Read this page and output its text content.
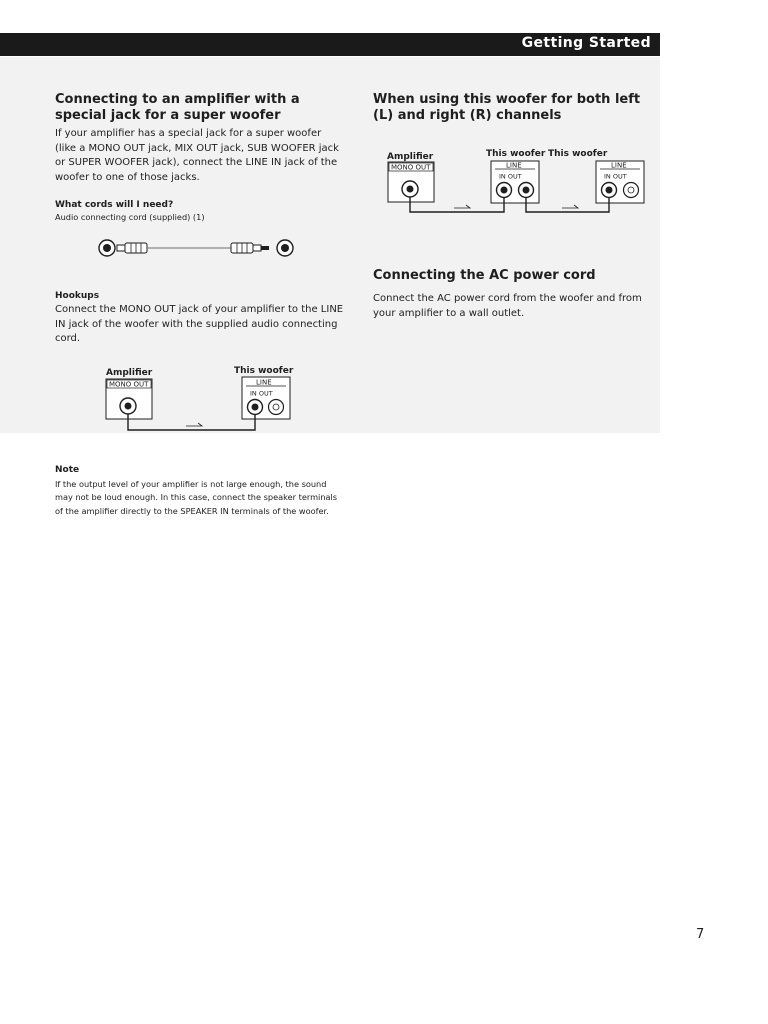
Getting Started
Connecting to an amplifier with a special jack for a super woofer

If your amplifier has a special jack for a super woofer (like a MONO OUT jack, MIX OUT jack, SUB WOOFER jack or SUPER WOOFER jack), connect the LINE IN jack of the woofer to one of those jacks.

What cords will I need?

Audio connecting cord (supplied) (1)

Hookups

Connect the MONO OUT jack of your amplifier to the LINE IN jack of the woofer with the supplied audio connecting cord.

Amplifier
MONO OUT
This woofer
LINE
IN OUT
Note
If the output level of your amplifier is not large enough, the sound may not be loud enough. In this case, connect the speaker terminals of the amplifier directly to the SPEAKER IN terminals of the woofer.
When using this woofer for both left (L) and right (R) channels
Amplifier
MONO OUT
This woofer This woofer
LINE
IN OUT
LINE
IN OUT
Connecting the AC power cord

Connect the AC power cord from the woofer and from your amplifier to a wall outlet.

7
